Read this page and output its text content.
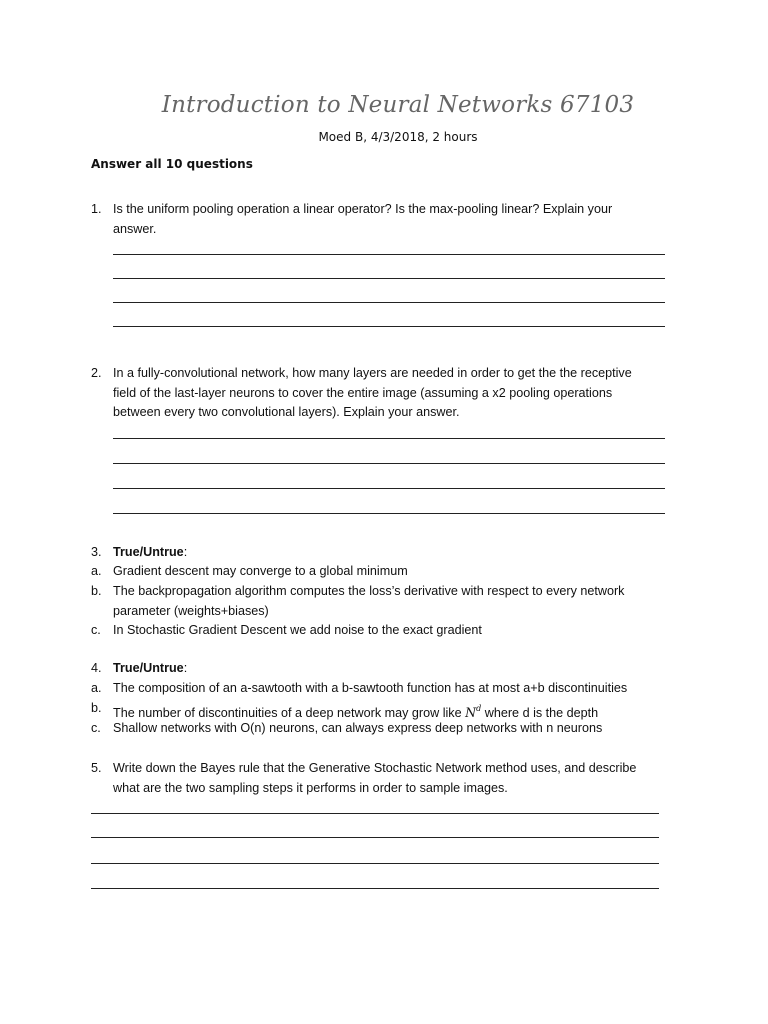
Introduction to Neural Networks 67103
Moed B, 4/3/2018, 2 hours
Answer all 10 questions
1. Is the uniform pooling operation a linear operator? Is the max-pooling linear? Explain your
answer.
2. In a fully-convolutional network, how many layers are needed in order to get the the receptive
field of the last-layer neurons to cover the entire image (assuming a x2 pooling operations
between every two convolutional layers). Explain your answer.
3. True/Untrue:
a. Gradient descent may converge to a global minimum
b. The backpropagation algorithm computes the loss’s derivative with respect to every network
parameter (weights+biases)
c. In Stochastic Gradient Descent we add noise to the exact gradient
4. True/Untrue:
a. The composition of an a-sawtooth with a b-sawtooth function has at most a+b discontinuities
b. The number of discontinuities of a deep network may grow like $N^d$ where d is the depth
c. Shallow networks with O(n) neurons, can always express deep networks with n neurons
5. Write down the Bayes rule that the Generative Stochastic Network method uses, and describe
what are the two sampling steps it performs in order to sample images.
